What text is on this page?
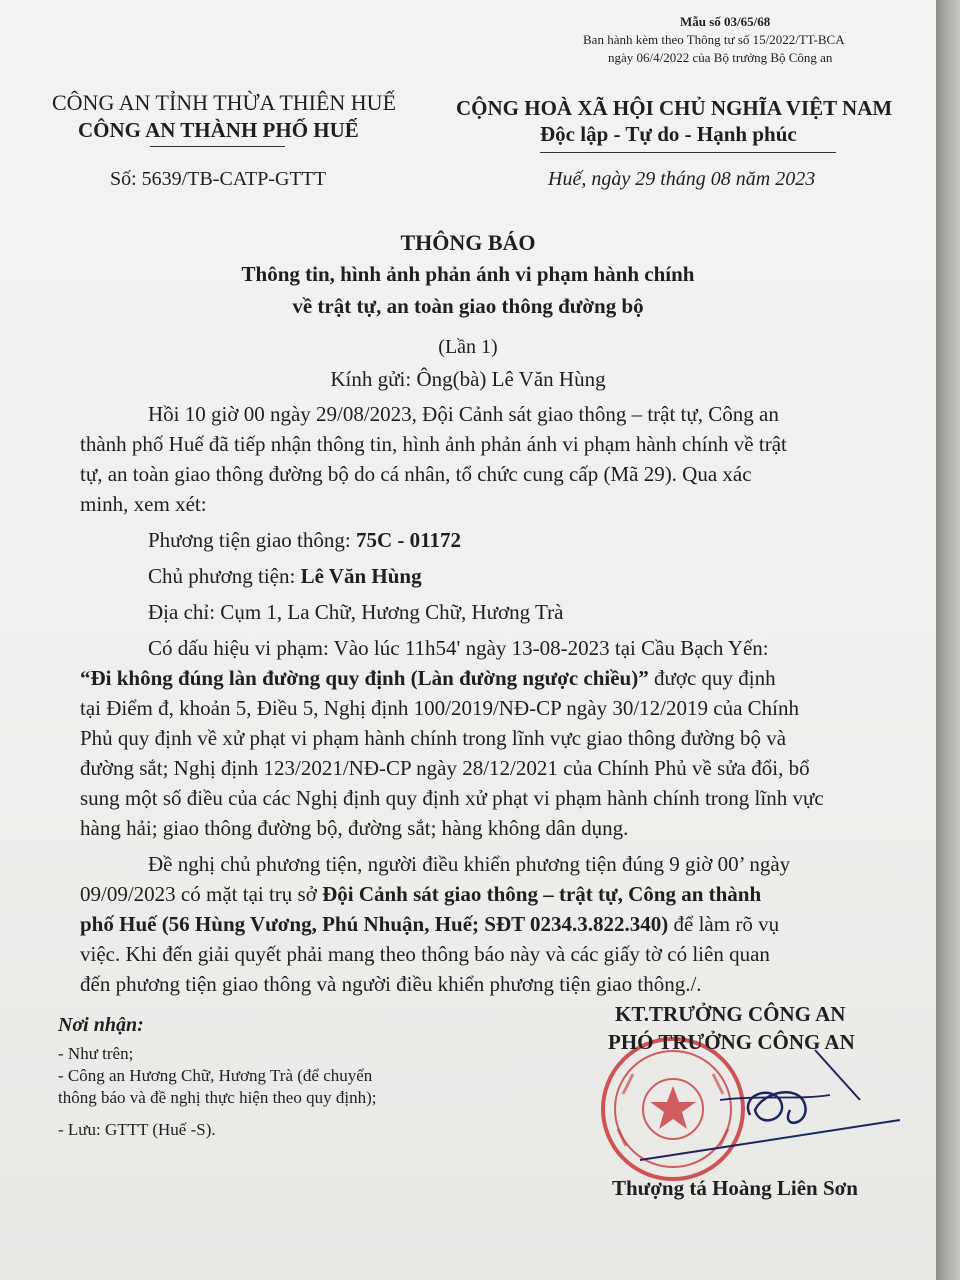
Mẫu số 03/65/68
Ban hành kèm theo Thông tư số 15/2022/TT-BCA
ngày 06/4/2022 của Bộ trưởng Bộ Công an
CÔNG AN TỈNH THỪA THIÊN HUẾ
CÔNG AN THÀNH PHỐ HUẾ
CỘNG HOÀ XÃ HỘI CHỦ NGHĨA VIỆT NAM
Độc lập - Tự do - Hạnh phúc
Số: 5639/TB-CATP-GTTT	Huế, ngày 29 tháng 08 năm 2023
THÔNG BÁO
Thông tin, hình ảnh phản ánh vi phạm hành chính
về trật tự, an toàn giao thông đường bộ
(Lần 1)
Kính gửi: Ông(bà) Lê Văn Hùng
Hồi 10 giờ 00 ngày 29/08/2023, Đội Cảnh sát giao thông – trật tự, Công an
thành phố Huế đã tiếp nhận thông tin, hình ảnh phản ánh vi phạm hành chính về trật
tự, an toàn giao thông đường bộ do cá nhân, tổ chức cung cấp (Mã 29). Qua xác
minh, xem xét:
Phương tiện giao thông: 75C - 01172
Chủ phương tiện: Lê Văn Hùng
Địa chỉ: Cụm 1, La Chữ, Hương Chữ, Hương Trà
Có dấu hiệu vi phạm: Vào lúc 11h54' ngày 13-08-2023 tại Cầu Bạch Yến:
“Đi không đúng làn đường quy định (Làn đường ngược chiều)” được quy định
tại Điểm đ, khoản 5, Điều 5, Nghị định 100/2019/NĐ-CP ngày 30/12/2019 của Chính
Phủ quy định về xử phạt vi phạm hành chính trong lĩnh vực giao thông đường bộ và
đường sắt; Nghị định 123/2021/NĐ-CP ngày 28/12/2021 của Chính Phủ về sửa đổi, bổ
sung một số điều của các Nghị định quy định xử phạt vi phạm hành chính trong lĩnh vực
hàng hải; giao thông đường bộ, đường sắt; hàng không dân dụng.
Đề nghị chủ phương tiện, người điều khiển phương tiện đúng 9 giờ 00’ ngày
09/09/2023 có mặt tại trụ sở Đội Cảnh sát giao thông – trật tự, Công an thành
phố Huế (56 Hùng Vương, Phú Nhuận, Huế; SĐT 0234.3.822.340) để làm rõ vụ
việc. Khi đến giải quyết phải mang theo thông báo này và các giấy tờ có liên quan
đến phương tiện giao thông và người điều khiển phương tiện giao thông./.
Nơi nhận:
- Như trên;
- Công an Hương Chữ, Hương Trà (để chuyển
thông báo và đề nghị thực hiện theo quy định);
- Lưu: GTTT (Huế -S).
KT.TRƯỞNG CÔNG AN
PHÓ TRƯỞNG CÔNG AN
Thượng tá Hoàng Liên Sơn
